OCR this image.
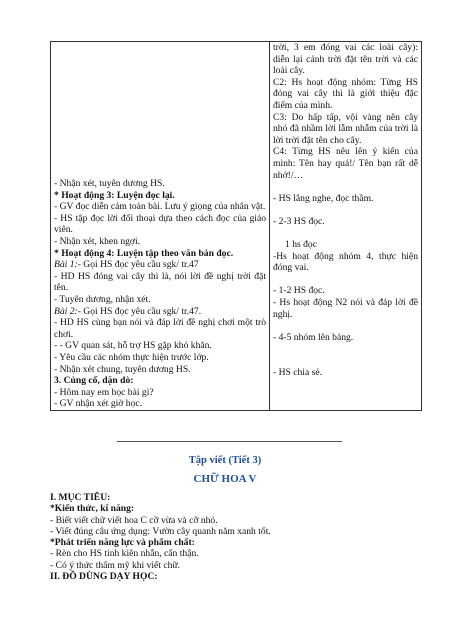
- Nhận xét, tuyên dương HS.
* Hoạt động 3: Luyện đọc lại.
- GV đọc diễn cảm toàn bài. Lưu ý giọng của nhân vật.
- HS tập đọc lời đối thoại dựa theo cách đọc của giáo viên.
- Nhận xét, khen ngợi.
* Hoạt động 4: Luyện tập theo văn bản đọc.
Bài 1:- Gọi HS đọc yêu cầu sgk/ tr.47
- HD HS đóng vai cây thì là, nói lời đề nghị trời đặt tên.
- Tuyên dương, nhận xét.
Bài 2:- Gọi HS đọc yêu cầu sgk/ tr.47.
- HD HS cùng bạn nói và đáp lời đề nghị chơi một trò chơi.
- - GV quan sát, hỗ trợ HS gặp khó khăn.
- Yêu cầu các nhóm thực hiện trước lớp.
- Nhận xét chung, tuyên dương HS.
3. Củng cố, dặn dò:
- Hôm nay em học bài gì?
- GV nhận xét giờ học.

trời, 3 em đóng vai các loài cây): diễn lại cảnh trời đặt tên trời và các loài cây.
C2: Hs hoạt động nhóm: Từng HS đóng vai cây thì là giới thiệu đặc điểm của mình.
C3: Do hấp tấp, vội vàng nên cây nhỏ đã nhầm lời lẫm nhẫm của trời là lời trời đặt tên cho cây.
C4: Từng HS nêu lên ý kiến của mình: Tên hay quá!/ Tên bạn rất dễ nhớ!/…
- HS lắng nghe, đọc thầm.
- 2-3 HS đọc.
1 hs đọc
-Hs hoạt động nhóm 4, thực hiện đóng vai.
- 1-2 HS đọc.
- Hs hoạt động N2 nói và đáp lời đề nghị.
- 4-5 nhóm lên bảng.
- HS chia sẻ.
Tập viết (Tiết 3)
CHỮ HOA V
I. MỤC TIÊU:
*Kiến thức, kĩ năng:
- Biết viết chữ viết hoa C cỡ vừa và cỡ nhỏ.
- Viết đúng câu ứng dụng: Vườn cây quanh năm xanh tốt.
*Phát triển năng lực và phẩm chất:
- Rèn cho HS tính kiên nhẫn, cẩn thận.
- Có ý thức thẩm mỹ khi viết chữ.
II. ĐỒ DÙNG DẠY HỌC:
